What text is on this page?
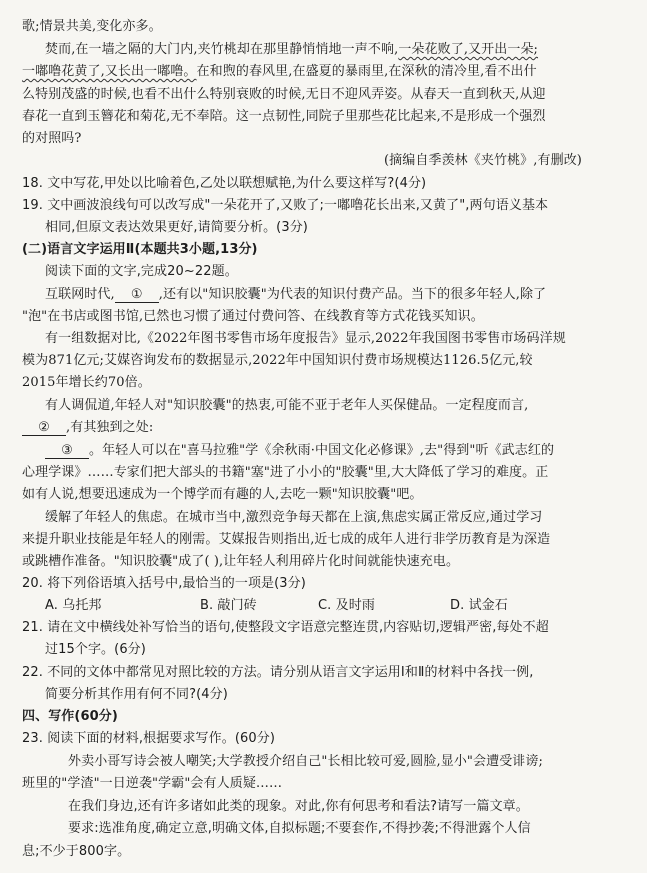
歌;情景共美,变化亦多。
焚而,在一墙之隔的大门内,夹竹桃却在那里静悄悄地一声不响,一朵花败了,又开出一朵;
一嘟噜花黄了,又长出一嘟噜。在和煦的春风里,在盛夏的暴雨里,在深秋的清冷里,看不出什
么特别茂盛的时候,也看不出什么特别衰败的时候,无日不迎风弄姿。从春天一直到秋天,从迎
春花一直到玉簪花和菊花,无不奉陪。这一点韧性,同院子里那些花比起来,不是形成一个强烈
的对照吗?
(摘编自季羡林《夹竹桃》,有删改)
18. 文中写花,甲处以比喻着色,乙处以联想赋艳,为什么要这样写?(4分)
19. 文中画波浪线句可以改写成"一朵花开了,又败了;一嘟噜花长出来,又黄了",两句语义基本
相同,但原文表达效果更好,请简要分析。(3分)
(二)语言文字运用Ⅱ(本题共3小题,13分)
阅读下面的文字,完成20~22题。
互联网时代, ① ,还有以"知识胶囊"为代表的知识付费产品。当下的很多年轻人,除了
"泡"在书店或图书馆,已然也习惯了通过付费问答、在线教育等方式花钱买知识。
有一组数据对比,《2022年图书零售市场年度报告》显示,2022年我国图书零售市场码洋规
模为871亿元;艾媒咨询发布的数据显示,2022年中国知识付费市场规模达1126.5亿元,较
2015年增长约70倍。
有人调侃道,年轻人对"知识胶囊"的热衷,可能不亚于老年人买保健品。一定程度而言,
② ,有其独到之处:
③ 。年轻人可以在"喜马拉雅"学《余秋雨·中国文化必修课》,去"得到"听《武志红的
心理学课》……专家们把大部头的书籍"塞"进了小小的"胶囊"里,大大降低了学习的难度。正
如有人说,想要迅速成为一个博学而有趣的人,去吃一颗"知识胶囊"吧。
缓解了年轻人的焦虑。在城市当中,激烈竞争每天都在上演,焦虑实属正常反应,通过学习
来提升职业技能是年轻人的刚需。艾媒报告则指出,近七成的成年人进行非学历教育是为深造
或跳槽作准备。"知识胶囊"成了( ),让年轻人利用碎片化时间就能快速充电。
20. 将下列俗语填入括号中,最恰当的一项是(3分)
A. 乌托邦	B. 敲门砖	C. 及时雨	D. 试金石
21. 请在文中横线处补写恰当的语句,使整段文字语意完整连贯,内容贴切,逻辑严密,每处不超
过15个字。(6分)
22. 不同的文体中都常见对照比较的方法。请分别从语言文字运用Ⅰ和Ⅱ的材料中各找一例,
简要分析其作用有何不同?(4分)
四、写作(60分)
23. 阅读下面的材料,根据要求写作。(60分)
外卖小哥写诗会被人嘲笑;大学教授介绍自己"长相比较可爱,圆脸,显小"会遭受诽谤;
班里的"学渣"一日逆袭"学霸"会有人质疑……
在我们身边,还有许多诸如此类的现象。对此,你有何思考和看法?请写一篇文章。
要求:选准角度,确定立意,明确文体,自拟标题;不要套作,不得抄袭;不得泄露个人信
息;不少于800字。
